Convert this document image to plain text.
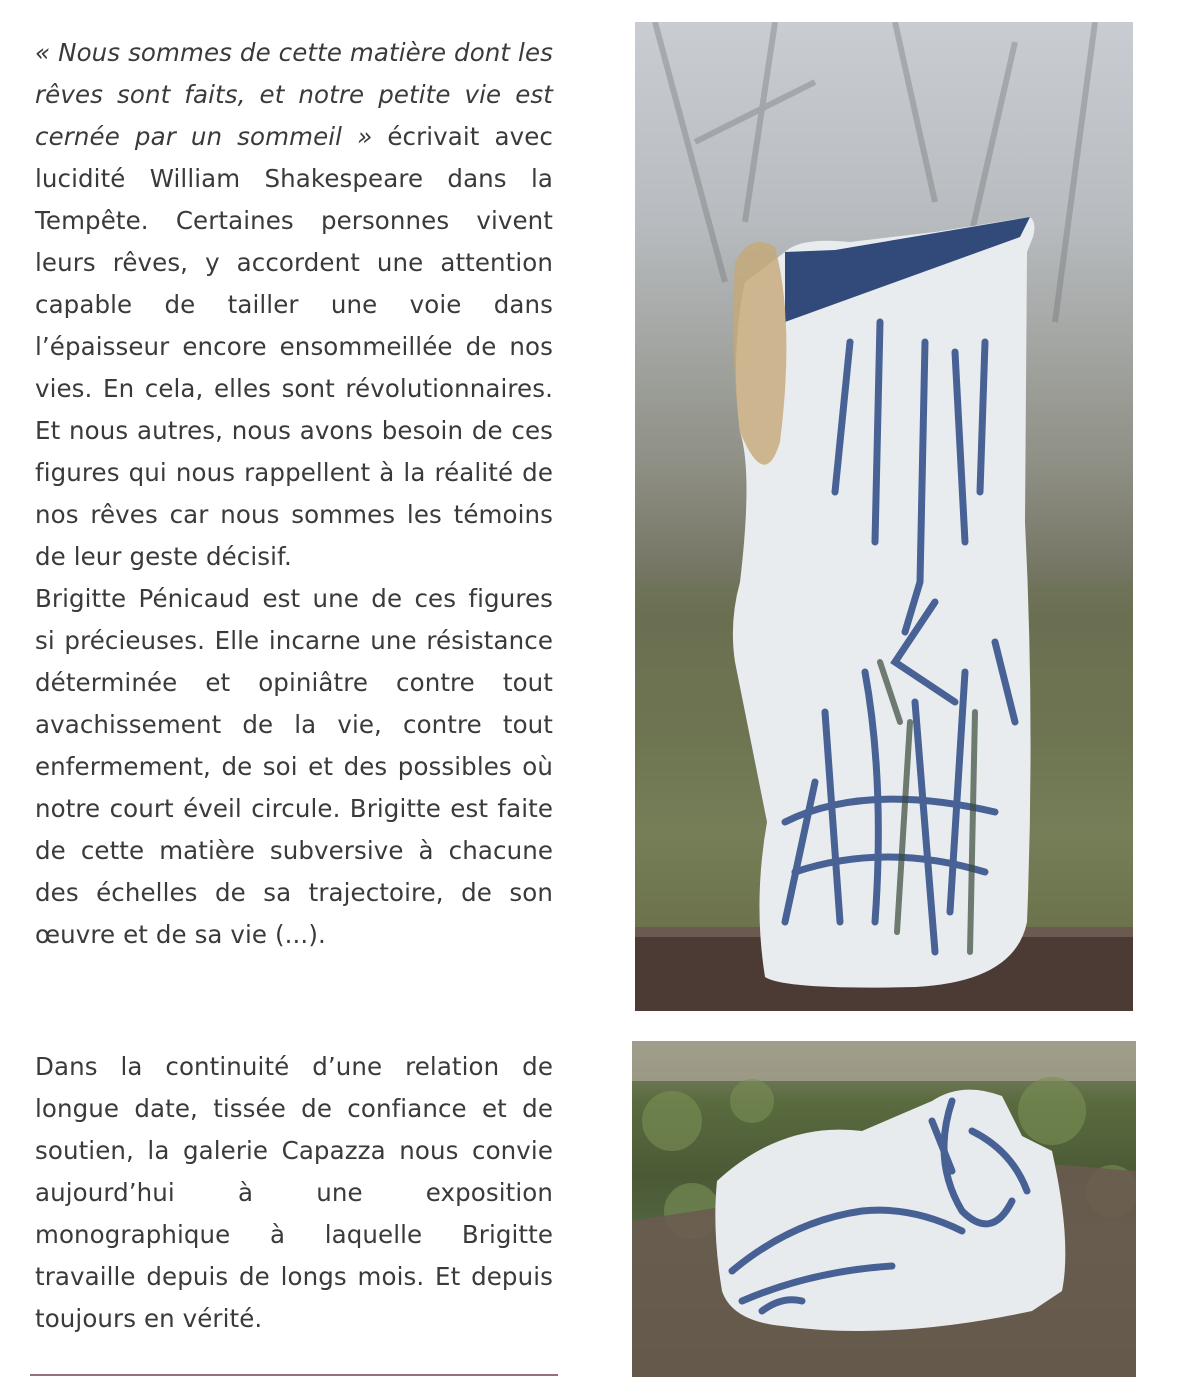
« Nous sommes de cette matière dont les rêves sont faits, et notre petite vie est cernée par un sommeil » écrivait avec lucidité William Shakespeare dans la Tempête. Certaines personnes vivent leurs rêves, y accordent une attention capable de tailler une voie dans l’épaisseur encore ensommeillée de nos vies. En cela, elles sont révolutionnaires. Et nous autres, nous avons besoin de ces figures qui nous rappellent à la réalité de nos rêves car nous sommes les témoins de leur geste décisif.

Brigitte Pénicaud est une de ces figures si précieuses. Elle incarne une résistance déterminée et opiniâtre contre tout avachissement de la vie, contre tout enfermement, de soi et des possibles où notre court éveil circule. Brigitte est faite de cette matière subversive à chacune des échelles de sa trajectoire, de son œuvre et de sa vie (...).

Dans la continuité d’une relation de longue date, tissée de confiance et de soutien, la galerie Capazza nous convie aujourd’hui à une exposition monographique à laquelle Brigitte travaille depuis de longs mois. Et depuis toujours en vérité.
